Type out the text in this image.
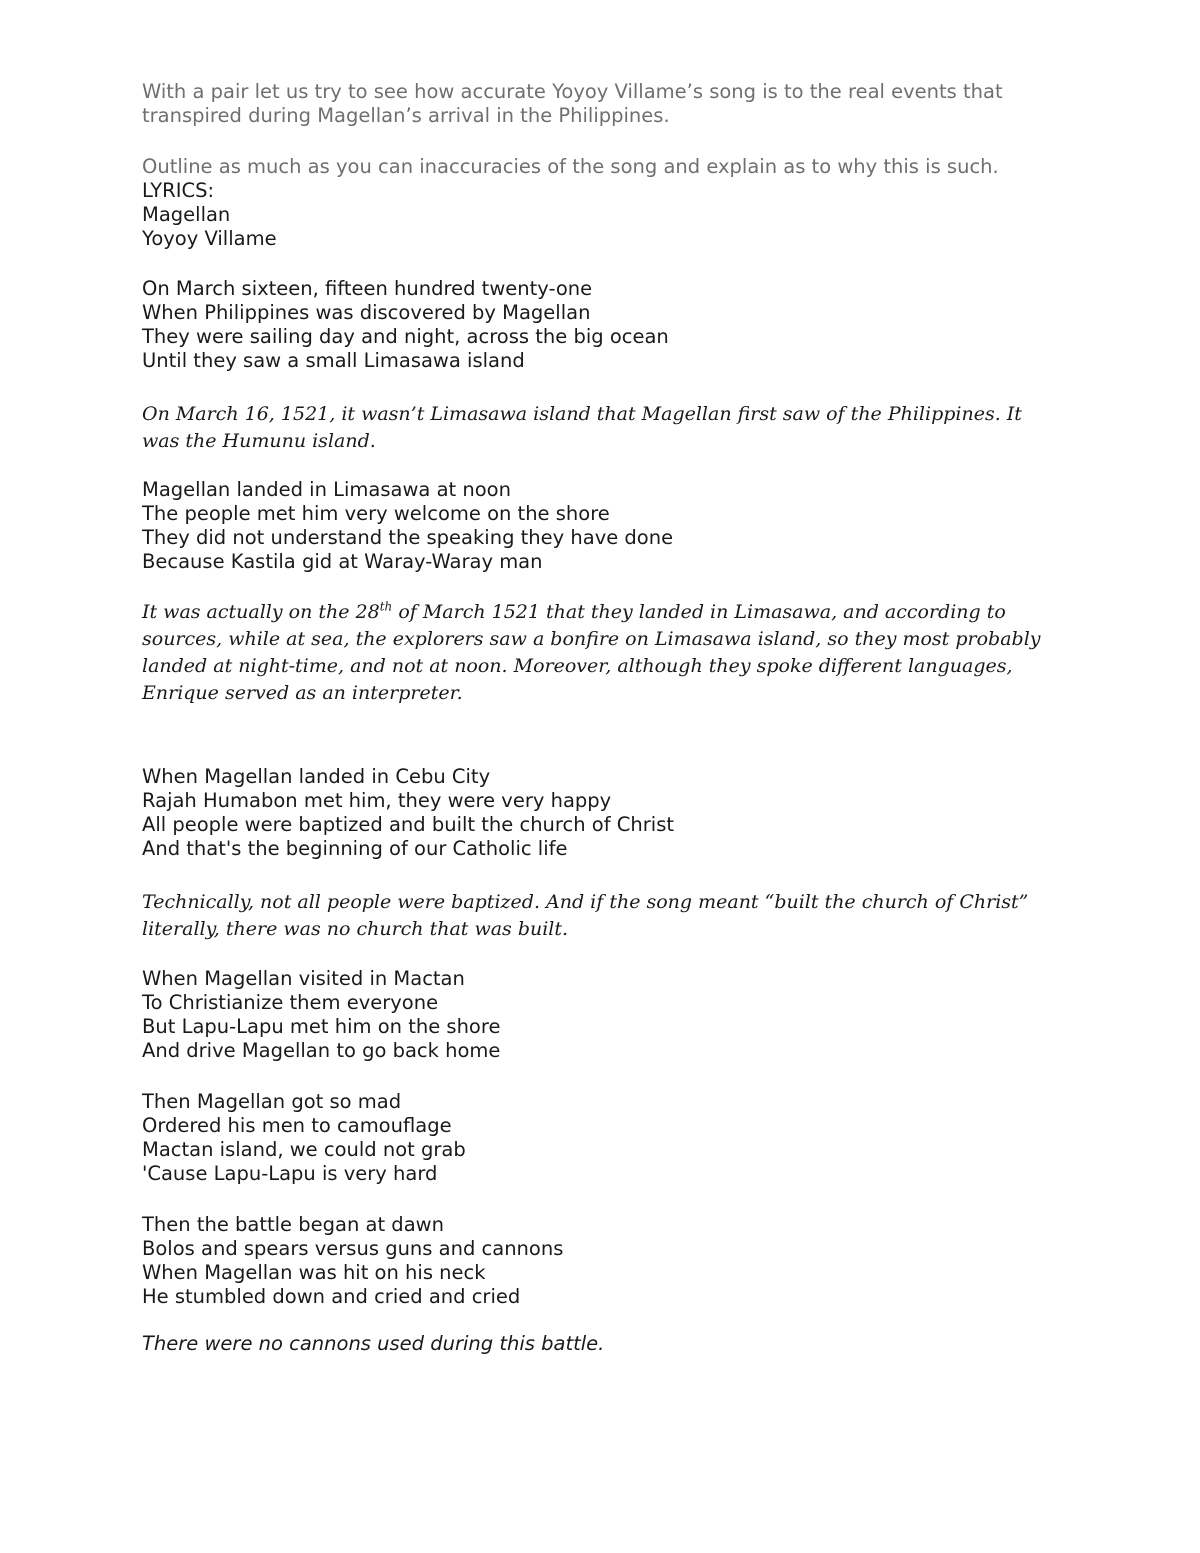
With a pair let us try to see how accurate Yoyoy Villame’s song is to the real events that transpired during Magellan’s arrival in the Philippines.

Outline as much as you can inaccuracies of the song and explain as to why this is such.

LYRICS:
Magellan
Yoyoy Villame
On March sixteen, fifteen hundred twenty-one
When Philippines was discovered by Magellan
They were sailing day and night, across the big ocean
Until they saw a small Limasawa island

On March 16, 1521, it wasn’t Limasawa island that Magellan first saw of the Philippines. It was the Humunu island.

Magellan landed in Limasawa at noon
The people met him very welcome on the shore
They did not understand the speaking they have done
Because Kastila gid at Waray-Waray man

It was actually on the 28th of March 1521 that they landed in Limasawa, and according to sources, while at sea, the explorers saw a bonfire on Limasawa island, so they most probably landed at night-time, and not at noon. Moreover, although they spoke different languages, Enrique served as an interpreter.

When Magellan landed in Cebu City
Rajah Humabon met him, they were very happy
All people were baptized and built the church of Christ
And that's the beginning of our Catholic life

Technically, not all people were baptized. And if the song meant “built the church of Christ” literally, there was no church that was built.

When Magellan visited in Mactan
To Christianize them everyone
But Lapu-Lapu met him on the shore
And drive Magellan to go back home
Then Magellan got so mad
Ordered his men to camouflage
Mactan island, we could not grab
'Cause Lapu-Lapu is very hard
Then the battle began at dawn
Bolos and spears versus guns and cannons
When Magellan was hit on his neck
He stumbled down and cried and cried

There were no cannons used during this battle.
